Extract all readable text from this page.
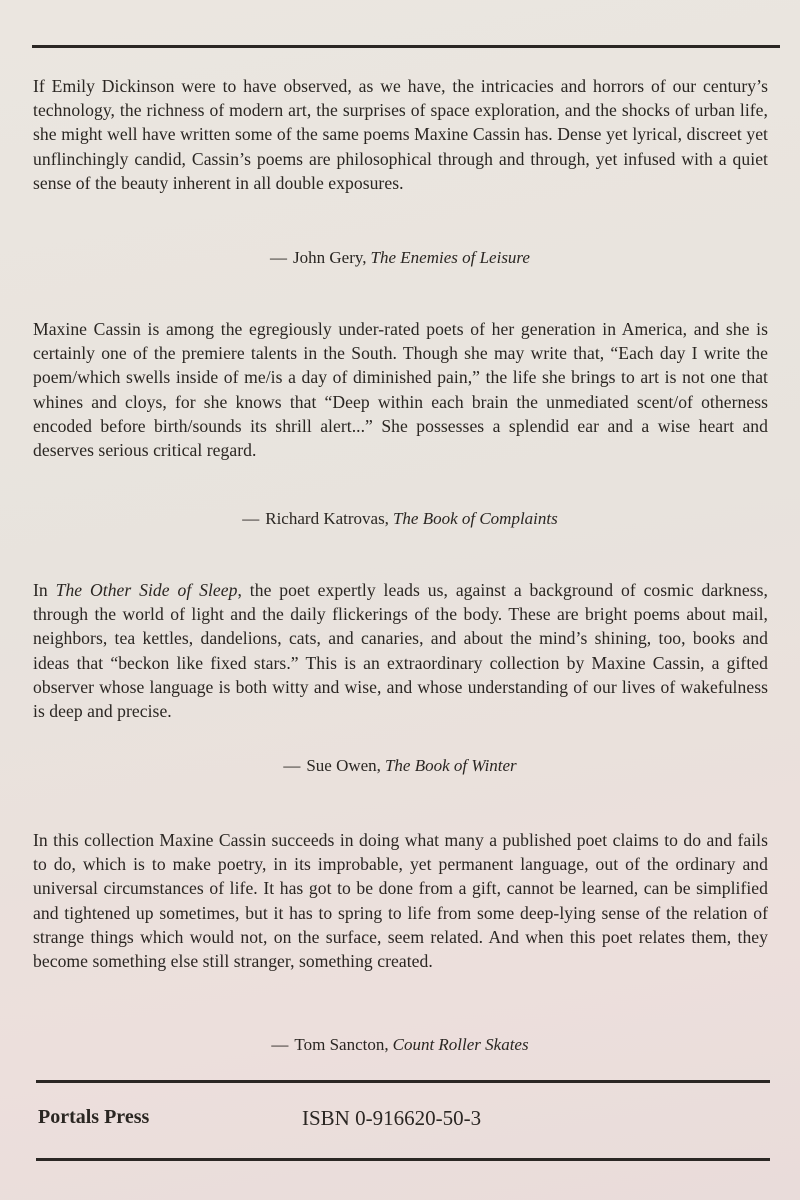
If Emily Dickinson were to have observed, as we have, the intricacies and horrors of our century’s technology, the richness of modern art, the surprises of space exploration, and the shocks of urban life, she might well have written some of the same poems Maxine Cassin has. Dense yet lyrical, discreet yet unflinchingly candid, Cassin’s poems are philosophical through and through, yet infused with a quiet sense of the beauty inherent in all double exposures.

— John Gery, The Enemies of Leisure

Maxine Cassin is among the egregiously under-rated poets of her generation in America, and she is certainly one of the premiere talents in the South. Though she may write that, “Each day I write the poem/which swells inside of me/is a day of diminished pain,” the life she brings to art is not one that whines and cloys, for she knows that “Deep within each brain the unmediated scent/of otherness encoded before birth/sounds its shrill alert...” She possesses a splendid ear and a wise heart and deserves serious critical regard.

— Richard Katrovas, The Book of Complaints

In The Other Side of Sleep, the poet expertly leads us, against a background of cosmic darkness, through the world of light and the daily flickerings of the body. These are bright poems about mail, neighbors, tea kettles, dandelions, cats, and canaries, and about the mind’s shining, too, books and ideas that “beckon like fixed stars.” This is an extraordinary collection by Maxine Cassin, a gifted observer whose language is both witty and wise, and whose understanding of our lives of wakefulness is deep and precise.

— Sue Owen, The Book of Winter

In this collection Maxine Cassin succeeds in doing what many a published poet claims to do and fails to do, which is to make poetry, in its improbable, yet permanent language, out of the ordinary and universal circumstances of life. It has got to be done from a gift, cannot be learned, can be simplified and tightened up sometimes, but it has to spring to life from some deep-lying sense of the relation of strange things which would not, on the surface, seem related. And when this poet relates them, they become something else still stranger, something created.

— Tom Sancton, Count Roller Skates
Portals Press	ISBN 0-916620-50-3
